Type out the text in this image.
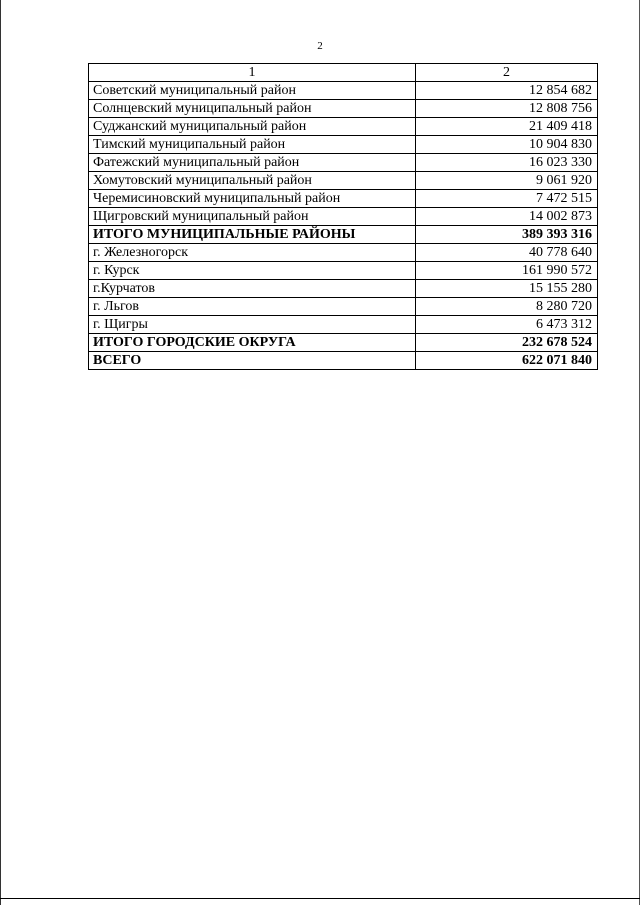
2
1	2
Советский муниципальный район	12 854 682
Солнцевский муниципальный район	12 808 756
Суджанский муниципальный район	21 409 418
Тимский муниципальный район	10 904 830
Фатежский муниципальный район	16 023 330
Хомутовский муниципальный район	9 061 920
Черемисиновский муниципальный район	7 472 515
Щигровский муниципальный район	14 002 873
ИТОГО МУНИЦИПАЛЬНЫЕ РАЙОНЫ	389 393 316
г. Железногорск	40 778 640
г. Курск	161 990 572
г.Курчатов	15 155 280
г. Льгов	8 280 720
г. Щигры	6 473 312
ИТОГО ГОРОДСКИЕ ОКРУГА	232 678 524
ВСЕГО	622 071 840
